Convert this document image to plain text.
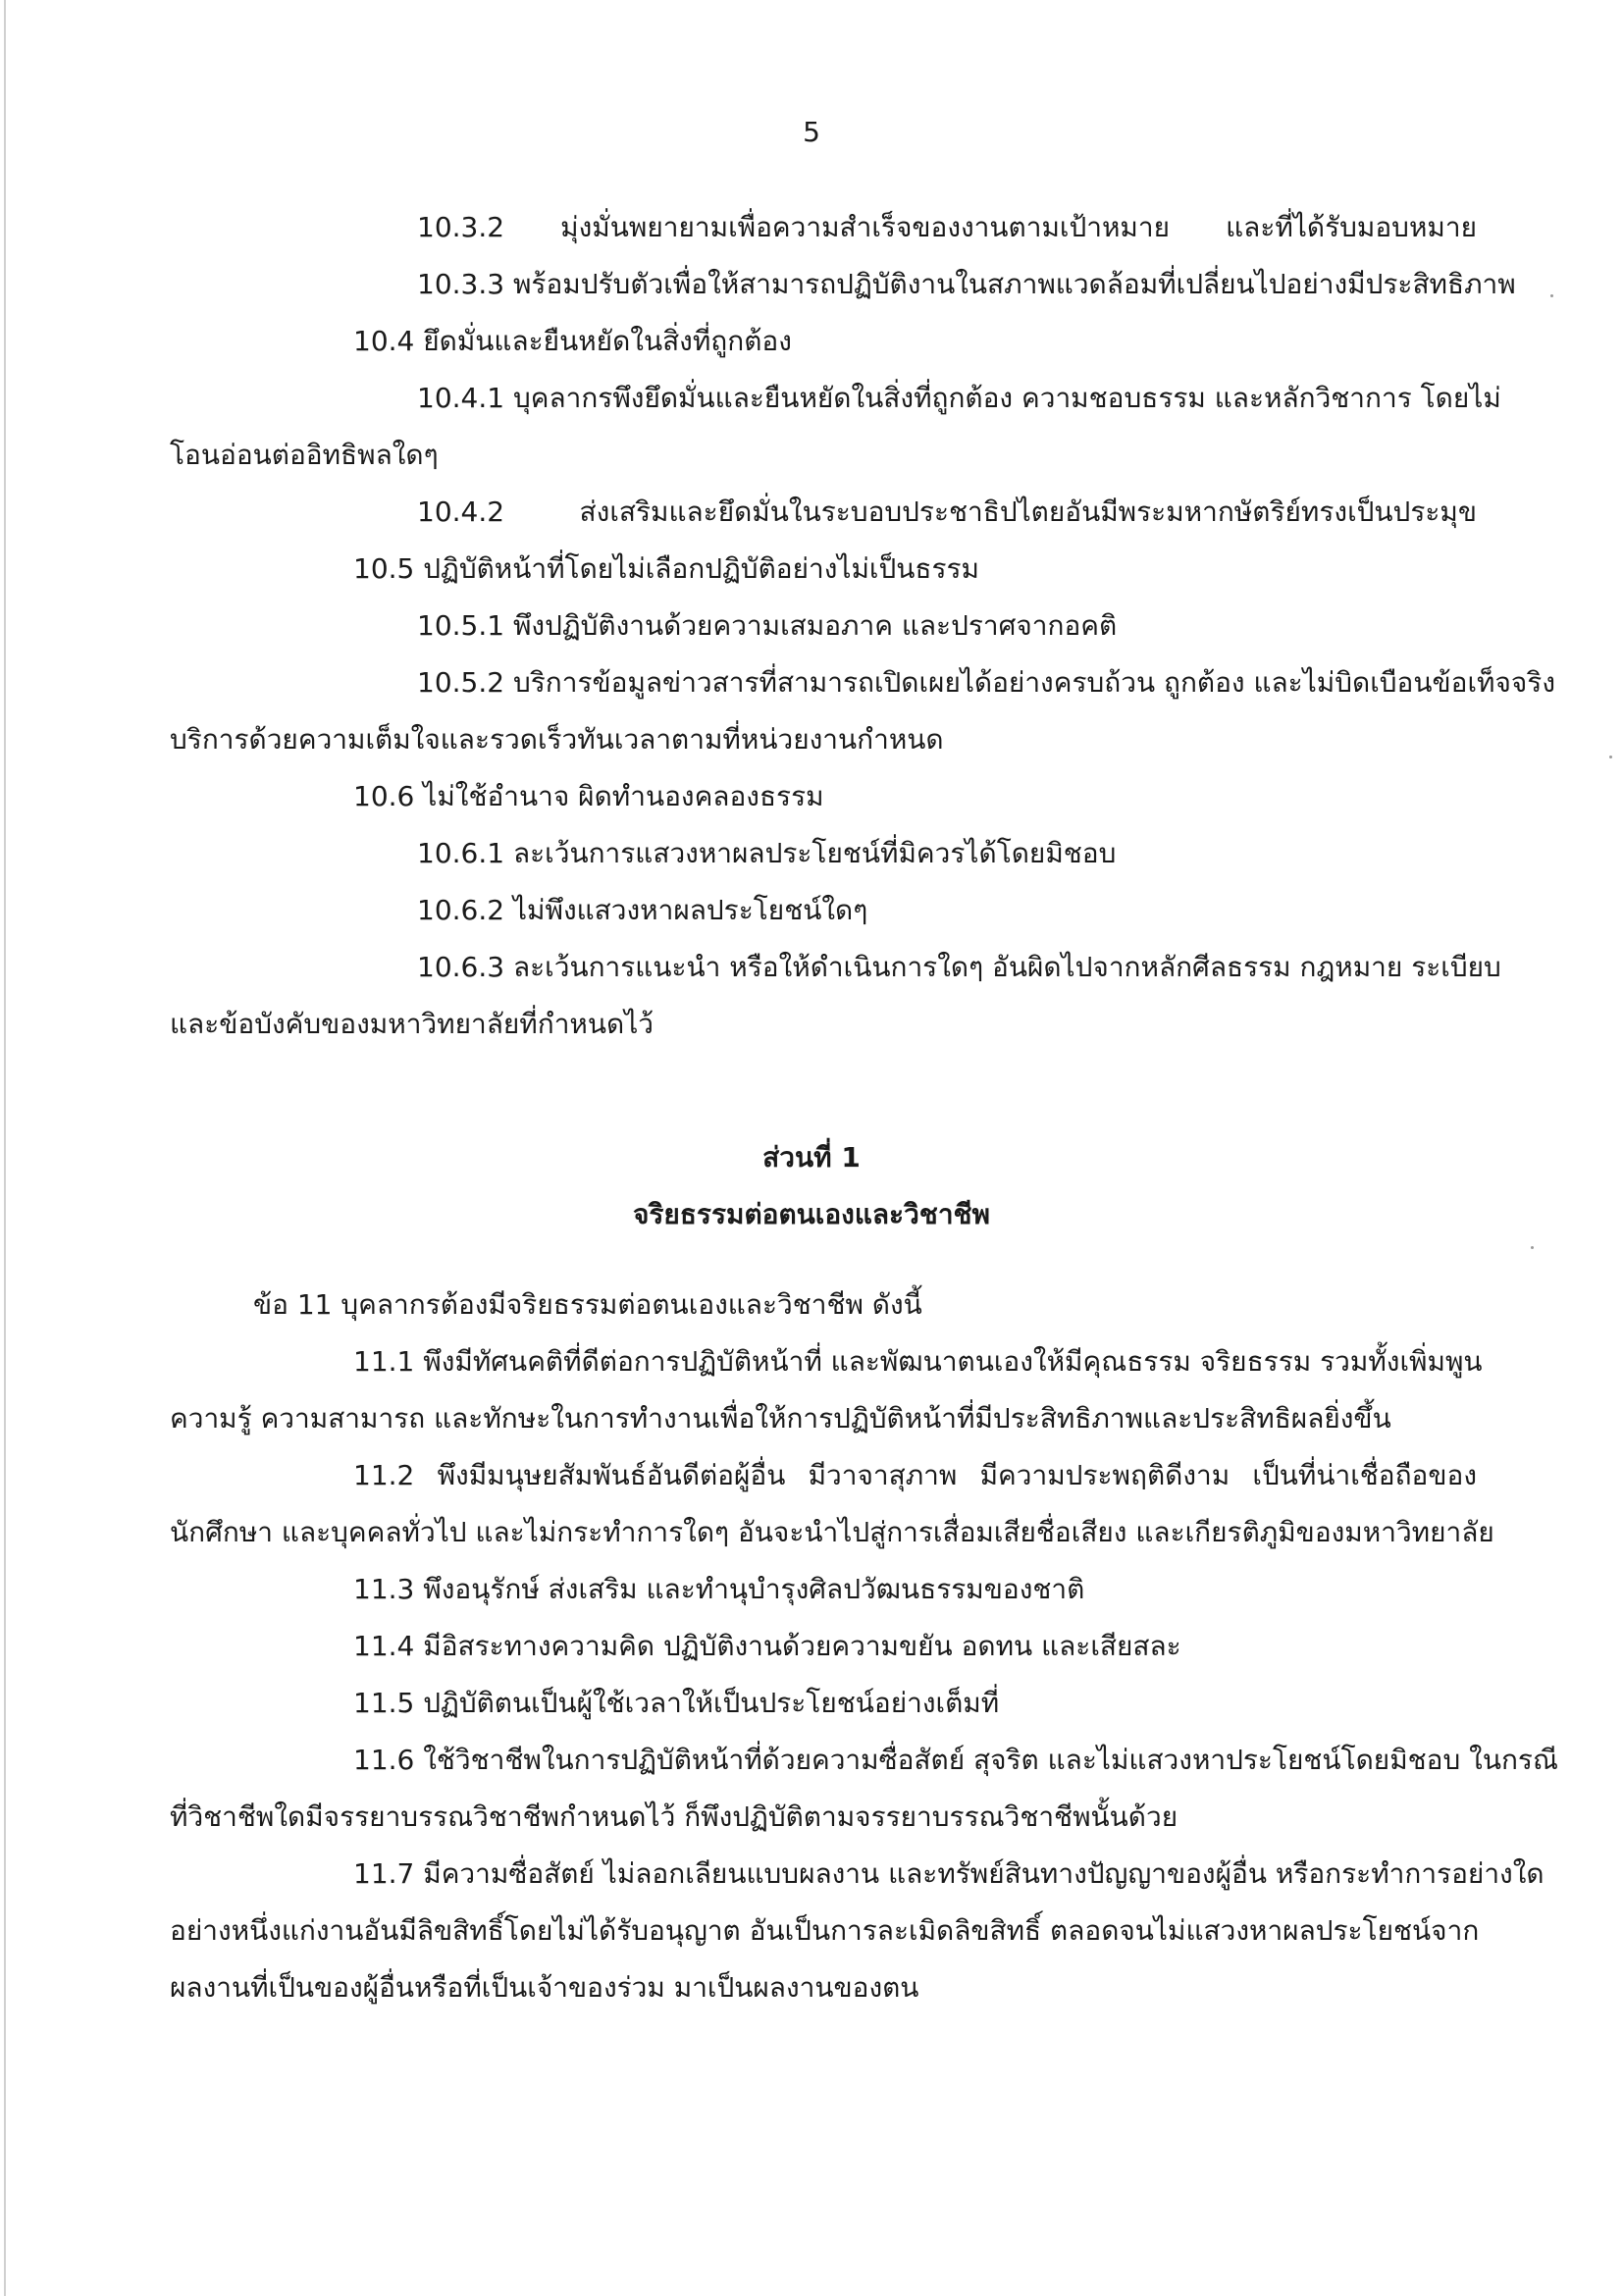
5
10.3.2 มุ่งมั่นพยายามเพื่อความสำเร็จของงานตามเป้าหมาย และที่ได้รับมอบหมาย
10.3.3 พร้อมปรับตัวเพื่อให้สามารถปฏิบัติงานในสภาพแวดล้อมที่เปลี่ยนไปอย่างมีประสิทธิภาพ
10.4 ยึดมั่นและยืนหยัดในสิ่งที่ถูกต้อง
10.4.1 บุคลากรพึงยึดมั่นและยืนหยัดในสิ่งที่ถูกต้อง ความชอบธรรม และหลักวิชาการ โดยไม่
โอนอ่อนต่ออิทธิพลใดๆ
10.4.2 ส่งเสริมและยึดมั่นในระบอบประชาธิปไตยอันมีพระมหากษัตริย์ทรงเป็นประมุข
10.5 ปฏิบัติหน้าที่โดยไม่เลือกปฏิบัติอย่างไม่เป็นธรรม
10.5.1 พึงปฏิบัติงานด้วยความเสมอภาค และปราศจากอคติ
10.5.2 บริการข้อมูลข่าวสารที่สามารถเปิดเผยได้อย่างครบถ้วน ถูกต้อง และไม่บิดเบือนข้อเท็จจริง
บริการด้วยความเต็มใจและรวดเร็วทันเวลาตามที่หน่วยงานกำหนด
10.6 ไม่ใช้อำนาจ ผิดทำนองคลองธรรม
10.6.1 ละเว้นการแสวงหาผลประโยชน์ที่มิควรได้โดยมิชอบ
10.6.2 ไม่พึงแสวงหาผลประโยชน์ใดๆ
10.6.3 ละเว้นการแนะนำ หรือให้ดำเนินการใดๆ อันผิดไปจากหลักศีลธรรม กฎหมาย ระเบียบ
และข้อบังคับของมหาวิทยาลัยที่กำหนดไว้
ส่วนที่ 1
จริยธรรมต่อตนเองและวิชาชีพ
ข้อ 11 บุคลากรต้องมีจริยธรรมต่อตนเองและวิชาชีพ ดังนี้
11.1 พึงมีทัศนคติที่ดีต่อการปฏิบัติหน้าที่ และพัฒนาตนเองให้มีคุณธรรม จริยธรรม รวมทั้งเพิ่มพูน
ความรู้ ความสามารถ และทักษะในการทำงานเพื่อให้การปฏิบัติหน้าที่มีประสิทธิภาพและประสิทธิผลยิ่งขึ้น
11.2 พึงมีมนุษยสัมพันธ์อันดีต่อผู้อื่น มีวาจาสุภาพ มีความประพฤติดีงาม เป็นที่น่าเชื่อถือของ
นักศึกษา และบุคคลทั่วไป และไม่กระทำการใดๆ อันจะนำไปสู่การเสื่อมเสียชื่อเสียง และเกียรติภูมิของมหาวิทยาลัย
11.3 พึงอนุรักษ์ ส่งเสริม และทำนุบำรุงศิลปวัฒนธรรมของชาติ
11.4 มีอิสระทางความคิด ปฏิบัติงานด้วยความขยัน อดทน และเสียสละ
11.5 ปฏิบัติตนเป็นผู้ใช้เวลาให้เป็นประโยชน์อย่างเต็มที่
11.6 ใช้วิชาชีพในการปฏิบัติหน้าที่ด้วยความซื่อสัตย์ สุจริต และไม่แสวงหาประโยชน์โดยมิชอบ ในกรณี
ที่วิชาชีพใดมีจรรยาบรรณวิชาชีพกำหนดไว้ ก็พึงปฏิบัติตามจรรยาบรรณวิชาชีพนั้นด้วย
11.7 มีความซื่อสัตย์ ไม่ลอกเลียนแบบผลงาน และทรัพย์สินทางปัญญาของผู้อื่น หรือกระทำการอย่างใด
อย่างหนึ่งแก่งานอันมีลิขสิทธิ์โดยไม่ได้รับอนุญาต อันเป็นการละเมิดลิขสิทธิ์ ตลอดจนไม่แสวงหาผลประโยชน์จาก
ผลงานที่เป็นของผู้อื่นหรือที่เป็นเจ้าของร่วม มาเป็นผลงานของตน
